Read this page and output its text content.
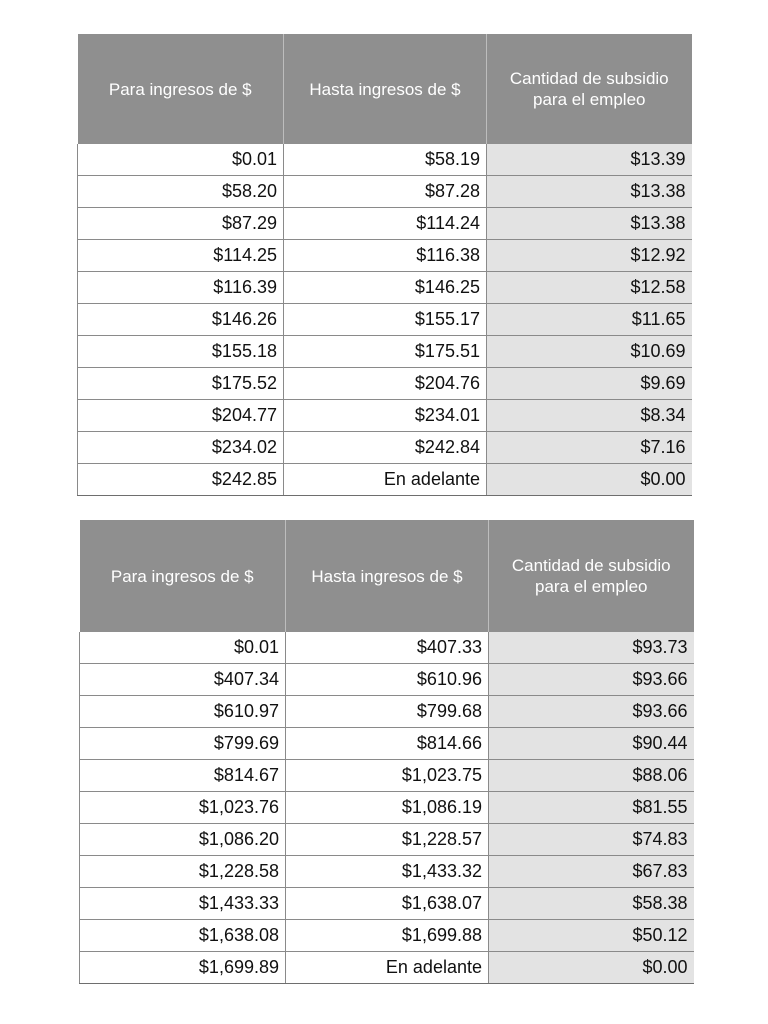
Para ingresos de $	Hasta ingresos de $	Cantidad de subsidio para el empleo
$0.01	$58.19	$13.39
$58.20	$87.28	$13.38
$87.29	$114.24	$13.38
$114.25	$116.38	$12.92
$116.39	$146.25	$12.58
$146.26	$155.17	$11.65
$155.18	$175.51	$10.69
$175.52	$204.76	$9.69
$204.77	$234.01	$8.34
$234.02	$242.84	$7.16
$242.85	En adelante	$0.00
Para ingresos de $	Hasta ingresos de $	Cantidad de subsidio para el empleo
$0.01	$407.33	$93.73
$407.34	$610.96	$93.66
$610.97	$799.68	$93.66
$799.69	$814.66	$90.44
$814.67	$1,023.75	$88.06
$1,023.76	$1,086.19	$81.55
$1,086.20	$1,228.57	$74.83
$1,228.58	$1,433.32	$67.83
$1,433.33	$1,638.07	$58.38
$1,638.08	$1,699.88	$50.12
$1,699.89	En adelante	$0.00
